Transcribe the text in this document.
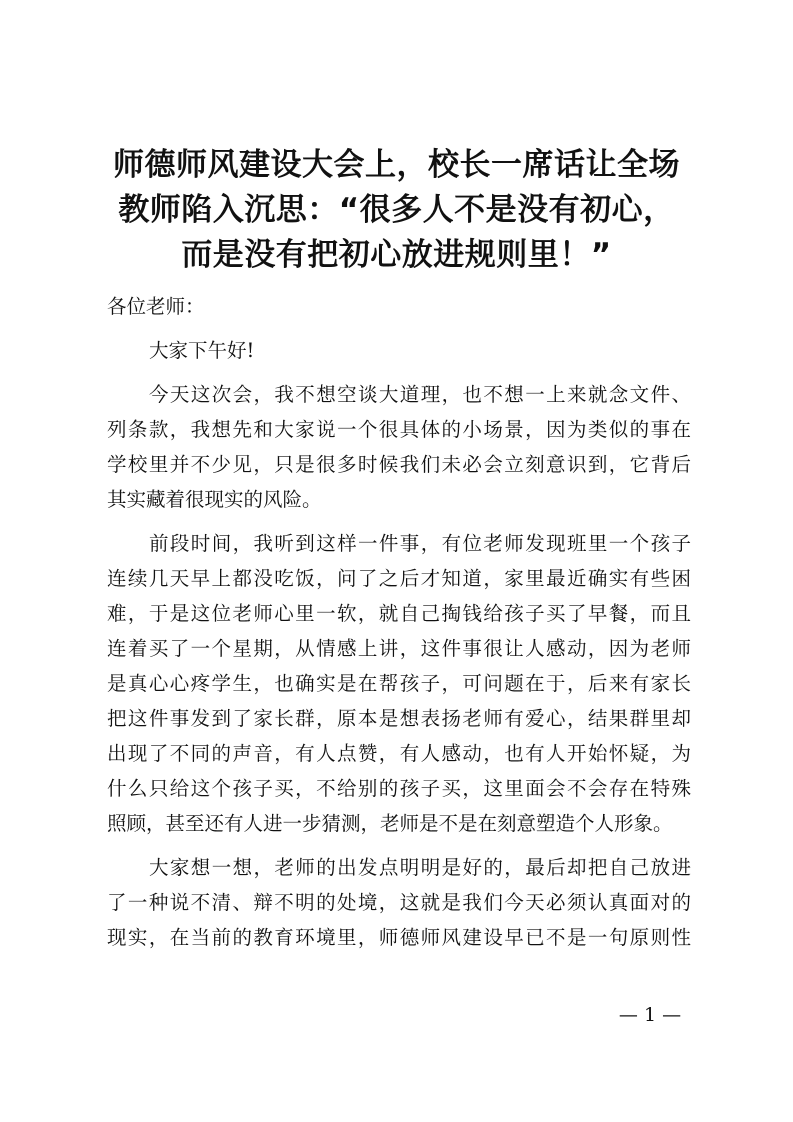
师德师风建设大会上，校长一席话让全场
教师陷入沉思：“很多人不是没有初心，
而是没有把初心放进规则里！”
各位老师：
大家下午好!
今天这次会，我不想空谈大道理，也不想一上来就念文件、
列条款，我想先和大家说一个很具体的小场景，因为类似的事在
学校里并不少见，只是很多时候我们未必会立刻意识到，它背后
其实藏着很现实的风险。
前段时间，我听到这样一件事，有位老师发现班里一个孩子
连续几天早上都没吃饭，问了之后才知道，家里最近确实有些困
难，于是这位老师心里一软，就自己掏钱给孩子买了早餐，而且
连着买了一个星期，从情感上讲，这件事很让人感动，因为老师
是真心心疼学生，也确实是在帮孩子，可问题在于，后来有家长
把这件事发到了家长群，原本是想表扬老师有爱心，结果群里却
出现了不同的声音，有人点赞，有人感动，也有人开始怀疑，为
什么只给这个孩子买，不给别的孩子买，这里面会不会存在特殊
照顾，甚至还有人进一步猜测，老师是不是在刻意塑造个人形象。
大家想一想，老师的出发点明明是好的，最后却把自己放进
了一种说不清、辩不明的处境，这就是我们今天必须认真面对的
现实，在当前的教育环境里，师德师风建设早已不是一句原则性
— 1 —
